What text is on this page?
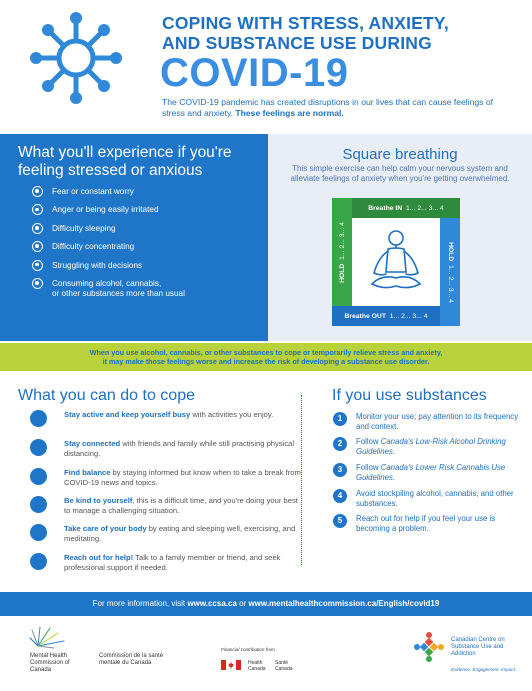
COPING WITH STRESS, ANXIETY,
AND SUBSTANCE USE DURING
COVID-19
The COVID-19 pandemic has created disruptions in our lives that can cause feelings of stress and anxiety. These feelings are normal.
What you'll experience if you're feeling stressed or anxious
Fear or constant worry
Anger or being easily irritated
Difficulty sleeping
Difficulty concentrating
Struggling with decisions
Consuming alcohol, cannabis,
or other substances more than usual
Square breathing
This simple exercise can help calm your nervous system and alleviate feelings of anxiety when you're getting overwhelmed.
Breathe IN
1... 2... 3... 4
HOLD  1... 2... 3... 4	HOLD  1... 2... 3... 4
Breathe OUT
1... 2... 3... 4
When you use alcohol, cannabis, or other substances to cope or temporarily relieve stress and anxiety,
it may make those feelings worse and increase the risk of developing a substance use disorder.
What you can do to cope
Stay active and keep yourself busy with activities you enjoy.
Stay connected with friends and family while still practising physical distancing.
Find balance by staying informed but know when to take a break from COVID-19 news and topics.
Be kind to yourself, this is a difficult time, and you're doing your best to manage a challenging situation.
Take care of your body by eating and sleeping well, exercising, and meditating.
Reach out for help! Talk to a family member or friend, and seek professional support if needed.
If you use substances
1	Monitor your use; pay attention to its frequency and context.
2	Follow Canada's Low-Risk Alcohol Drinking Guidelines.
3	Follow Canada's Lower Risk Cannabis Use Guidelines.
4	Avoid stockpiling alcohol, cannabis, and other substances.
5	Reach out for help if you feel your use is becoming a problem.
For more information, visit www.ccsa.ca or www.mentalhealthcommission.ca/English/covid19
Mental Health Commission of Canada
Commission de la santé mentale du Canada
Financial contribution from
Health Canada
Santé Canada
Canadian Centre on Substance Use and Addiction
Evidence. Engagement. Impact.
